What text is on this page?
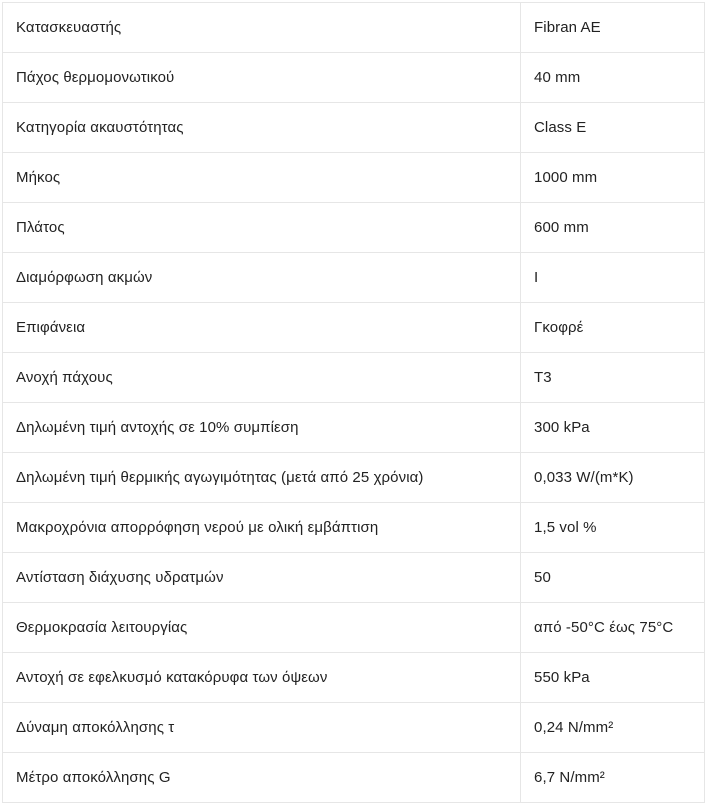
Κατασκευαστής	Fibran AE
Πάχος θερμομονωτικού	40 mm
Κατηγορία ακαυστότητας	Class E
Μήκος	1000 mm
Πλάτος	600 mm
Διαμόρφωση ακμών	I
Επιφάνεια	Γκοφρέ
Ανοχή πάχους	T3
Δηλωμένη τιμή αντοχής σε 10% συμπίεση	300 kPa
Δηλωμένη τιμή θερμικής αγωγιμότητας (μετά από 25 χρόνια)	0,033 W/(m*K)
Μακροχρόνια απορρόφηση νερού με ολική εμβάπτιση	1,5 vol %
Αντίσταση διάχυσης υδρατμών	50
Θερμοκρασία λειτουργίας	από -50°C έως 75°C
Αντοχή σε εφελκυσμό κατακόρυφα των όψεων	550 kPa
Δύναμη αποκόλλησης τ	0,24 N/mm²
Μέτρο αποκόλλησης G	6,7 N/mm²
